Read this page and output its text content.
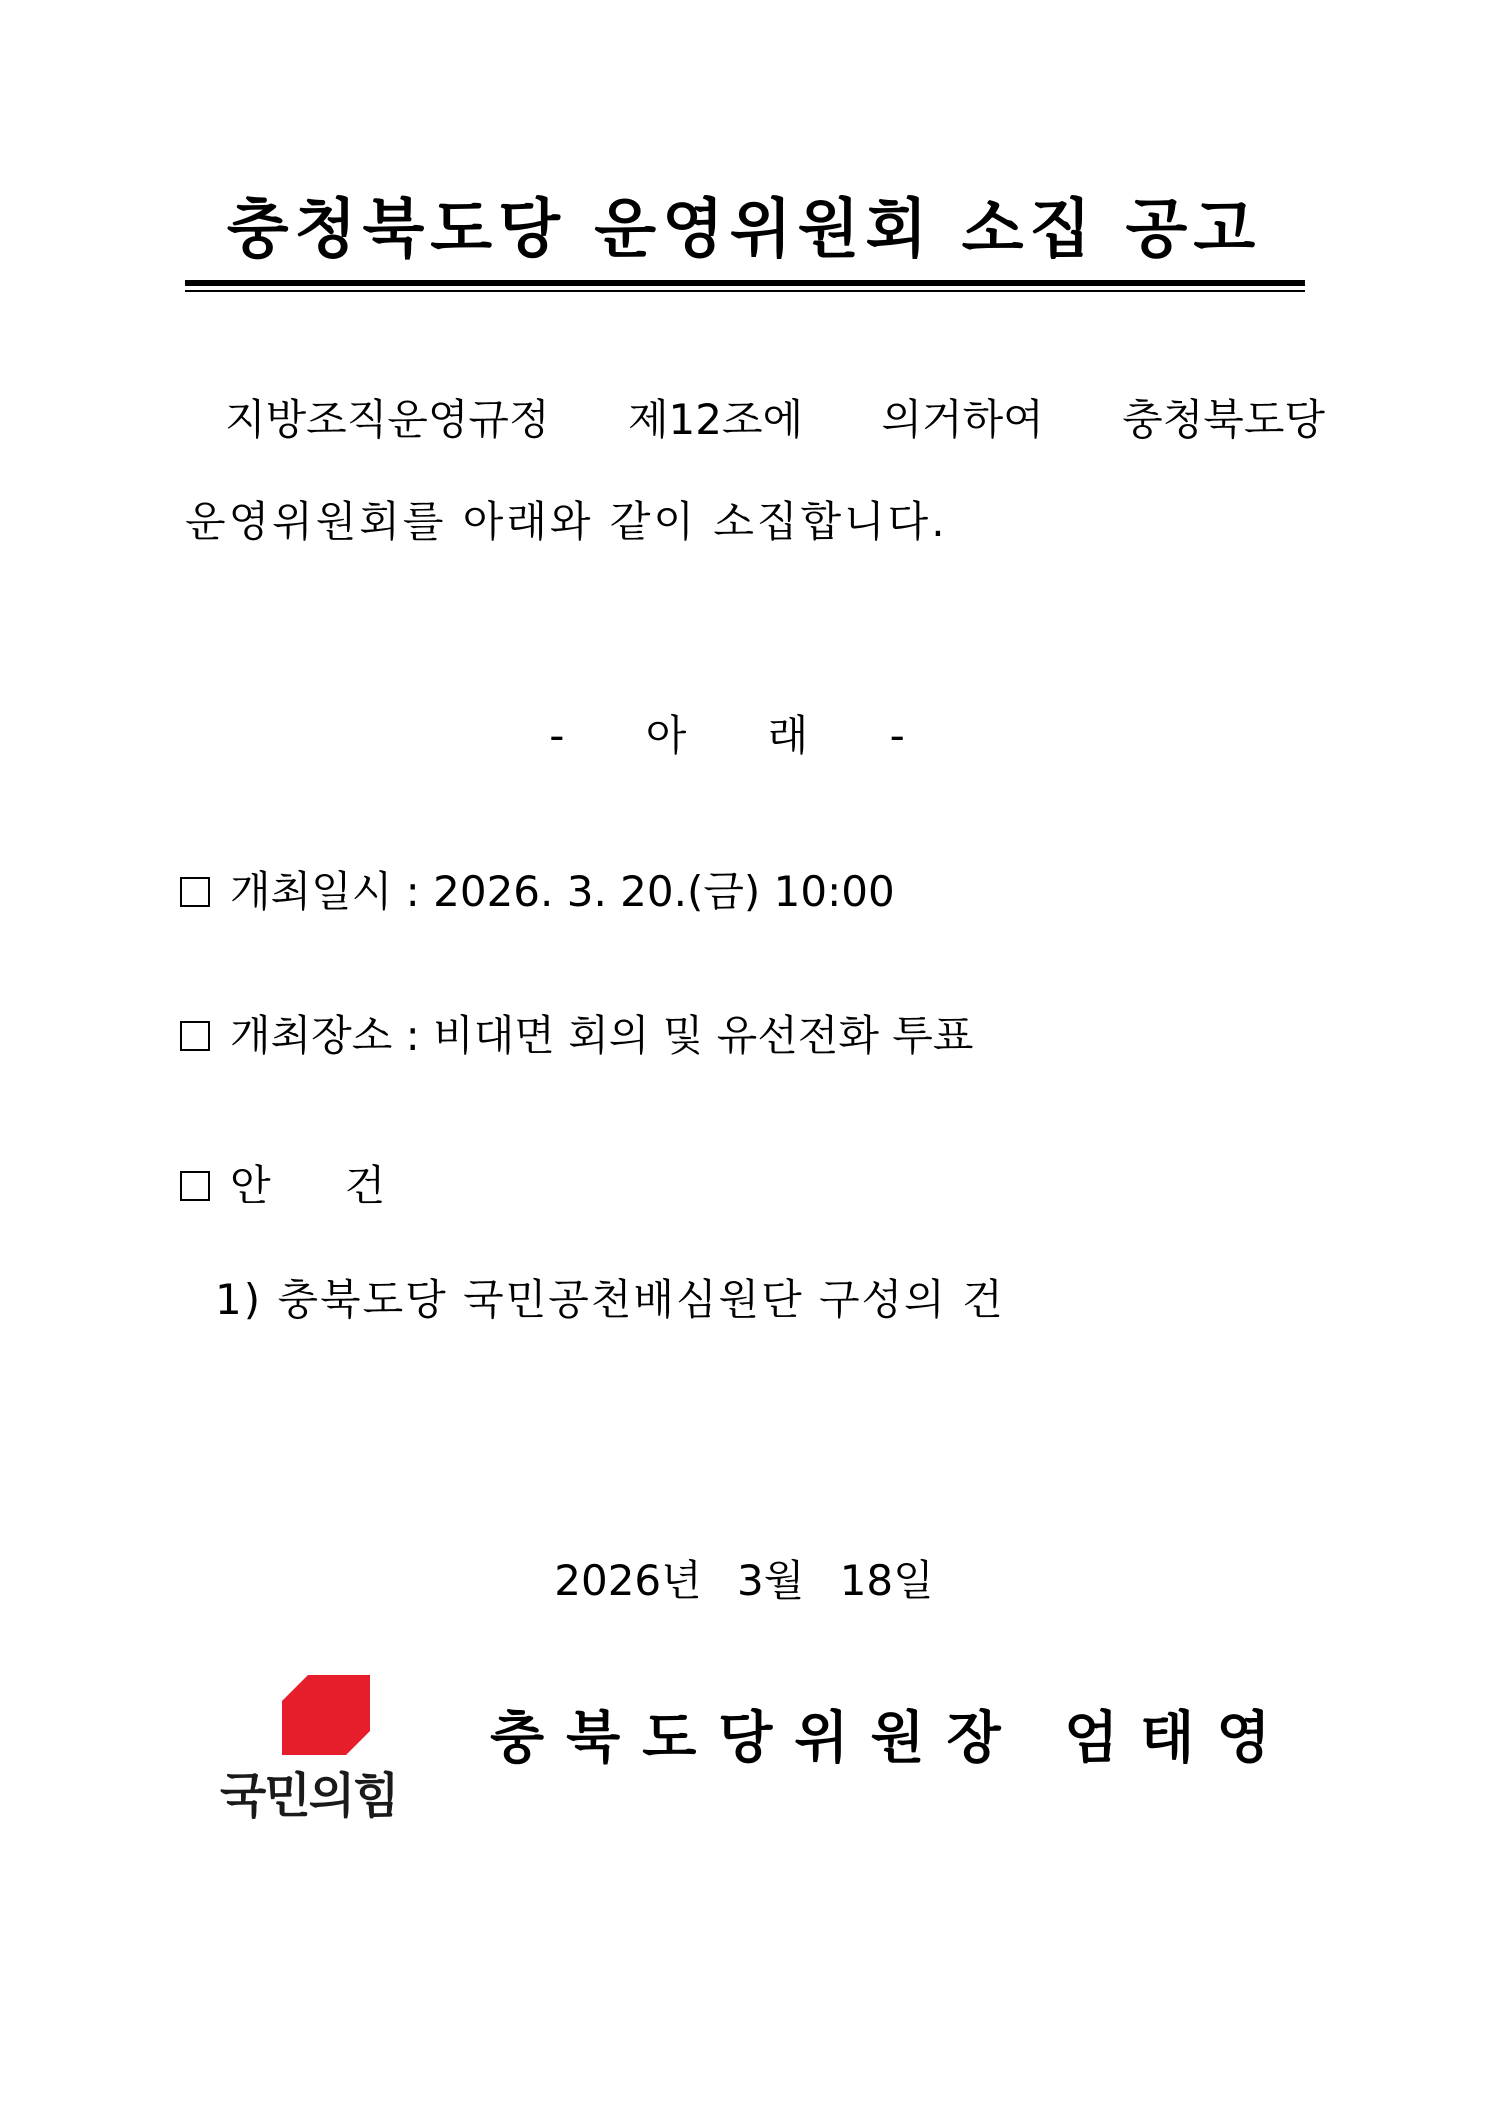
충청북도당 운영위원회 소집 공고
지방조직운영규정 제12조에 의거하여 충청북도당
운영위원회를 아래와 같이 소집합니다.
- 아 래 -
개최일시 : 2026. 3. 20.(금) 10:00
개최장소 : 비대면 회의 및 유선전화 투표
안건
1) 충북도당 국민공천배심원단 구성의 건
2026년 3월 18일
국민의힘
충북도당위원장 엄태영
